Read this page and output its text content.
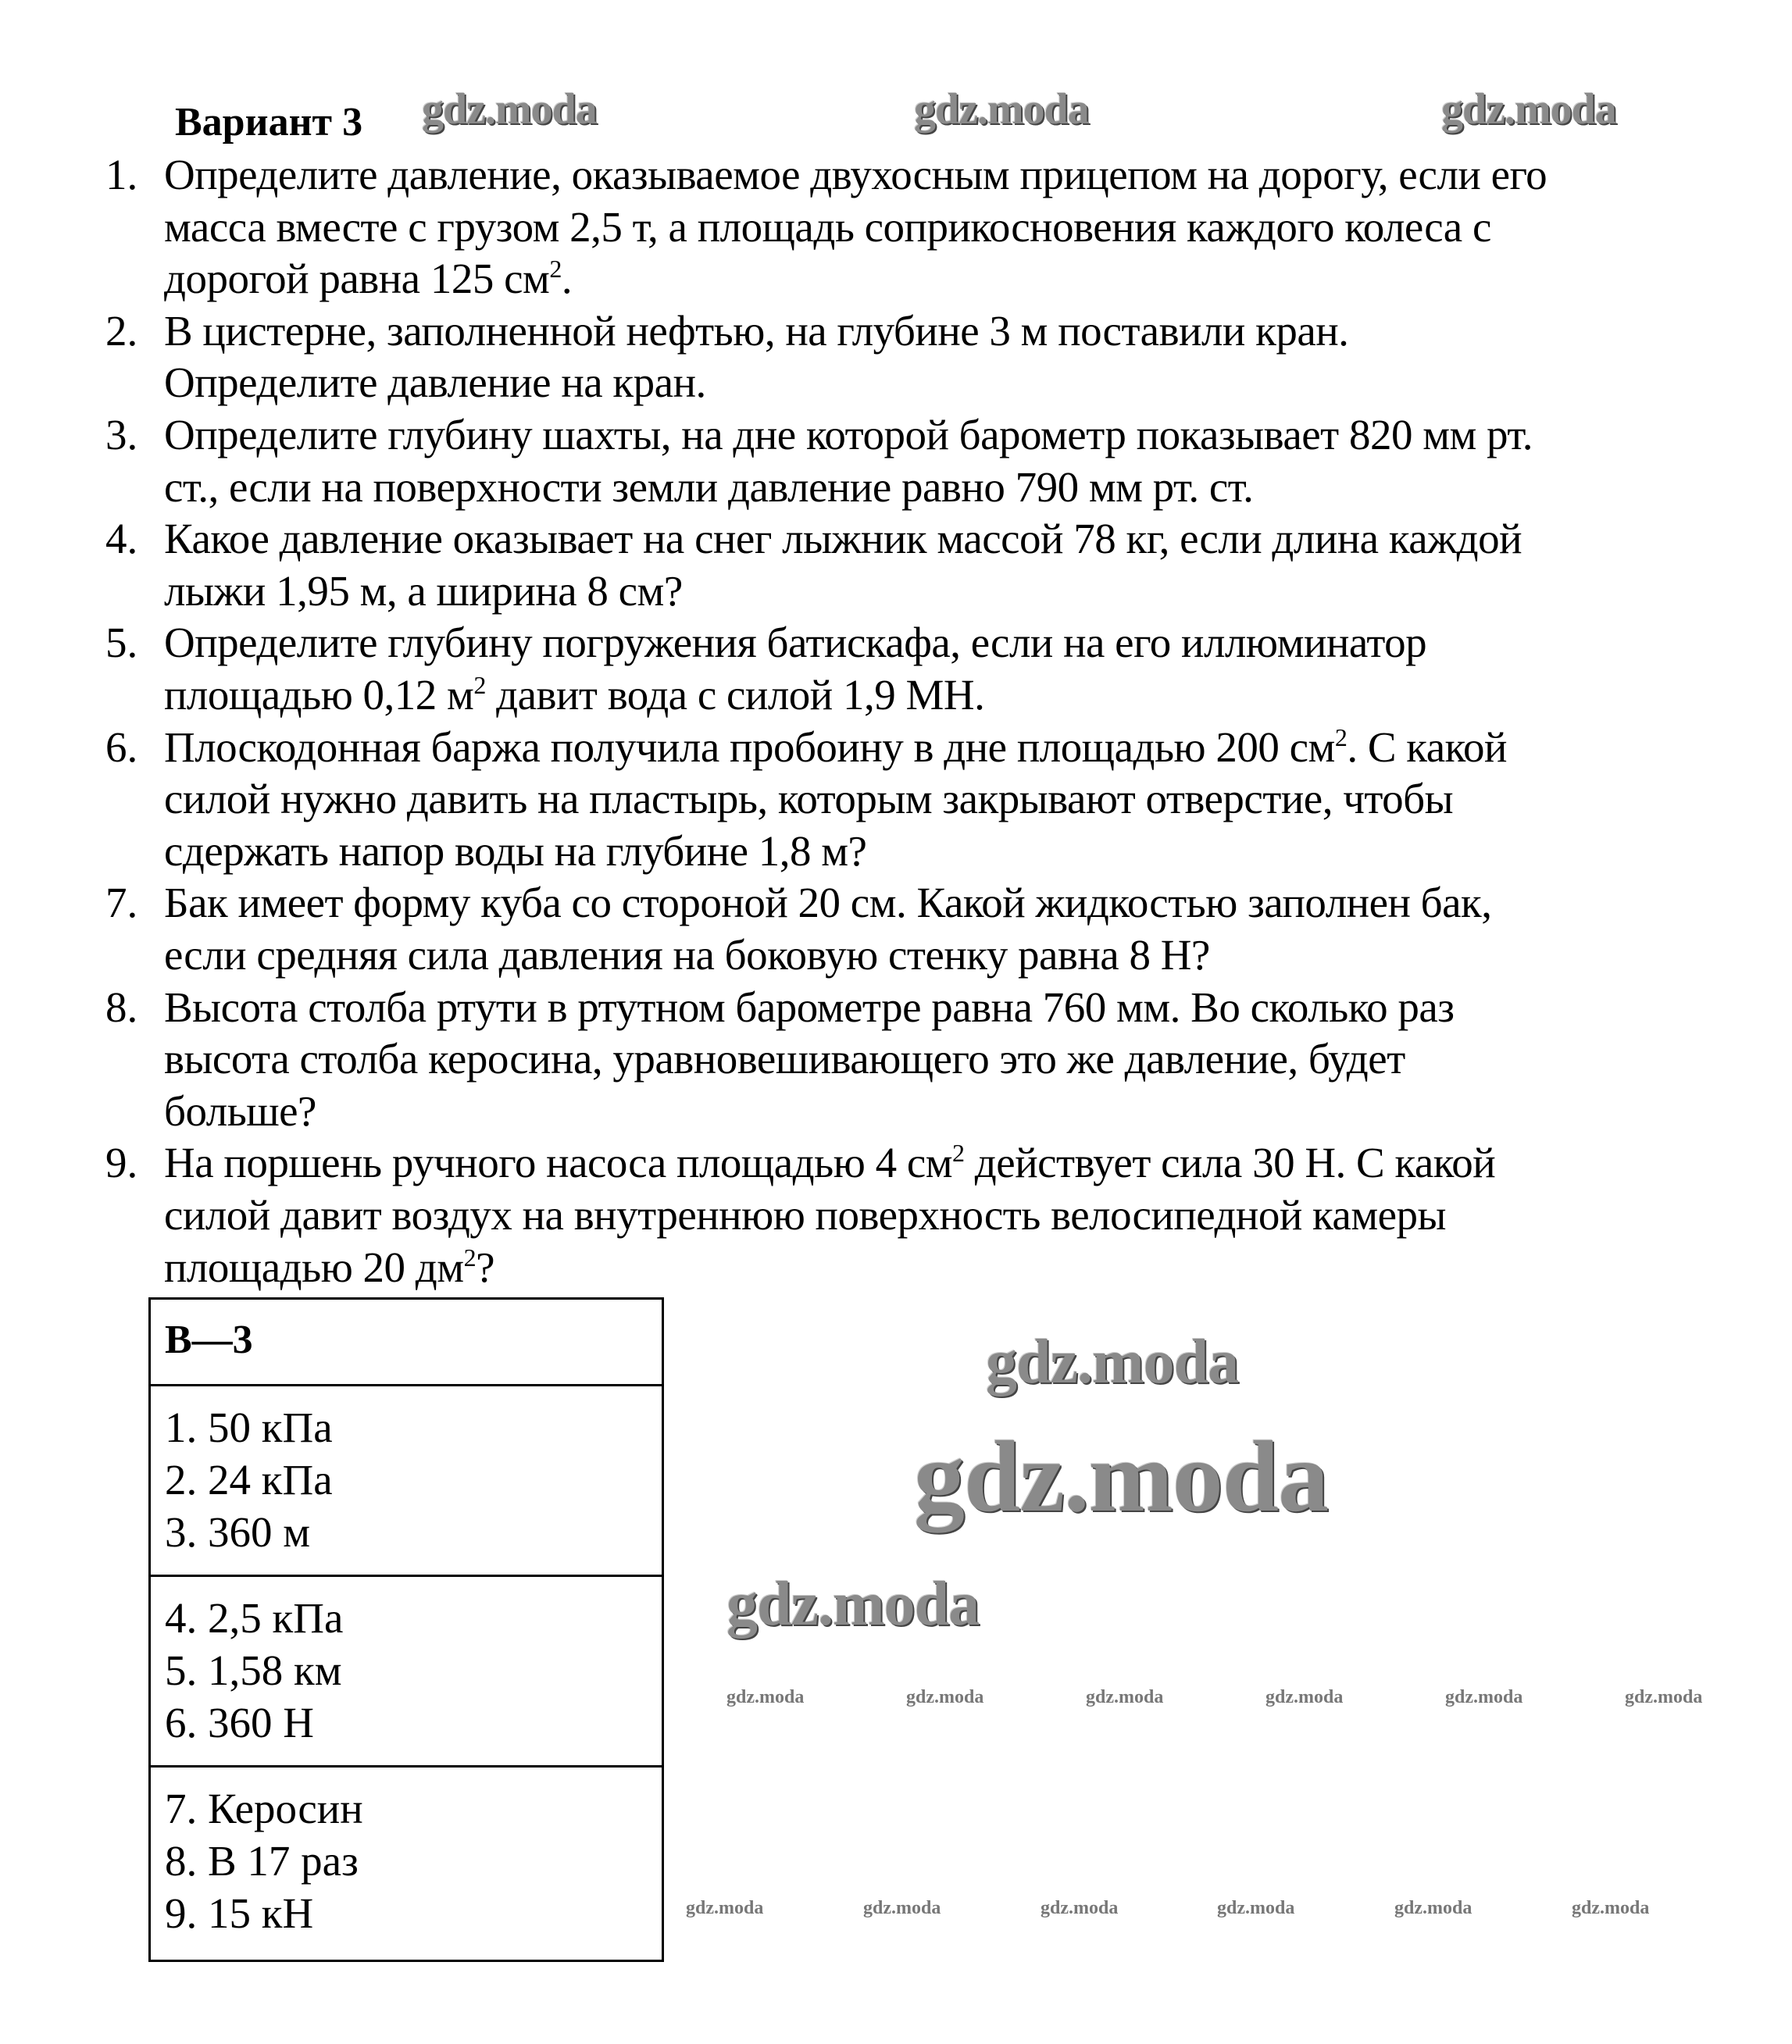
Вариант 3
1. Определите давление, оказываемое двухосным прицепом на дорогу, если его
масса вместе с грузом 2,5 т, а площадь соприкосновения каждого колеса с
дорогой равна 125 $см^2$.
2. В цистерне, заполненной нефтью, на глубине 3 м поставили кран.
Определите давление на кран.
3. Определите глубину шахты, на дне которой барометр показывает 820 мм рт.
ст., если на поверхности земли давление равно 790 мм рт. ст.
4. Какое давление оказывает на снег лыжник массой 78 кг, если длина каждой
лыжи 1,95 м, а ширина 8 см?
5. Определите глубину погружения батискафа, если на его иллюминатор
площадью 0,12 $м^2$ давит вода с силой 1,9 МН.
6. Плоскодонная баржа получила пробоину в дне площадью 200 $см^2$. С какой
силой нужно давить на пластырь, которым закрывают отверстие, чтобы
сдержать напор воды на глубине 1,8 м?
7. Бак имеет форму куба со стороной 20 см. Какой жидкостью заполнен бак,
если средняя сила давления на боковую стенку равна 8 Н?
8. Высота столба ртути в ртутном барометре равна 760 мм. Во сколько раз
высота столба керосина, уравновешивающего это же давление, будет
больше?
9. На поршень ручного насоса площадью 4 $см^2$ действует сила 30 Н. С какой
силой давит воздух на внутреннюю поверхность велосипедной камеры
площадью 20 $дм^2$?
В—3
1. 50 кПа
2. 24 кПа
3. 360 м
4. 2,5 кПа
5. 1,58 км
6. 360 Н
7. Керосин
8. В 17 раз
9. 15 кН
gdz.moda	gdz.moda	gdz.moda
gdz.moda
gdz.moda
gdz.moda
gdz.moda	gdz.moda	gdz.moda	gdz.moda	gdz.moda	gdz.moda
gdz.moda	gdz.moda	gdz.moda	gdz.moda	gdz.moda	gdz.moda
